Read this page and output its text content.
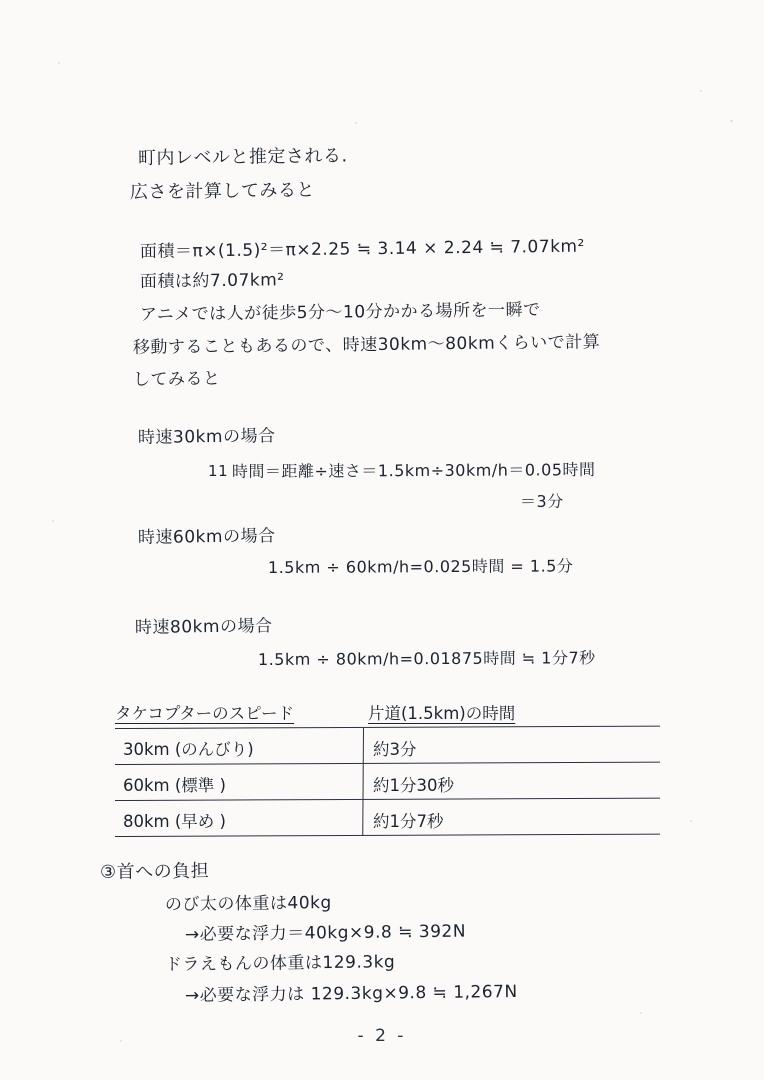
町内レベルと推定される.
広さを計算してみると
面積＝π×(1.5)²＝π×2.25 ≒ 3.14 × 2.24 ≒ 7.07km²
面積は約7.07km²
アニメでは人が徒歩5分〜10分かかる場所を一瞬で
移動することもあるので、時速30km〜80kmくらいで計算
してみると
時速30kmの場合
11 時間＝距離÷速さ＝1.5km÷30km/h＝0.05時間
＝3分
時速60kmの場合
1.5km ÷ 60km/h=0.025時間 = 1.5分
時速80kmの場合
1.5km ÷ 80km/h=0.01875時間 ≒ 1分7秒
タケコプターのスピード	片道(1.5km)の時間
30km (のんびり)	約3分
60km (標準 )	約1分30秒
80km (早め )	約1分7秒
③首への負担
のび太の体重は40kg
→必要な浮力＝40kg×9.8 ≒ 392N
ドラえもんの体重は129.3kg
→必要な浮力は 129.3kg×9.8 ≒ 1,267N
- 2 -
